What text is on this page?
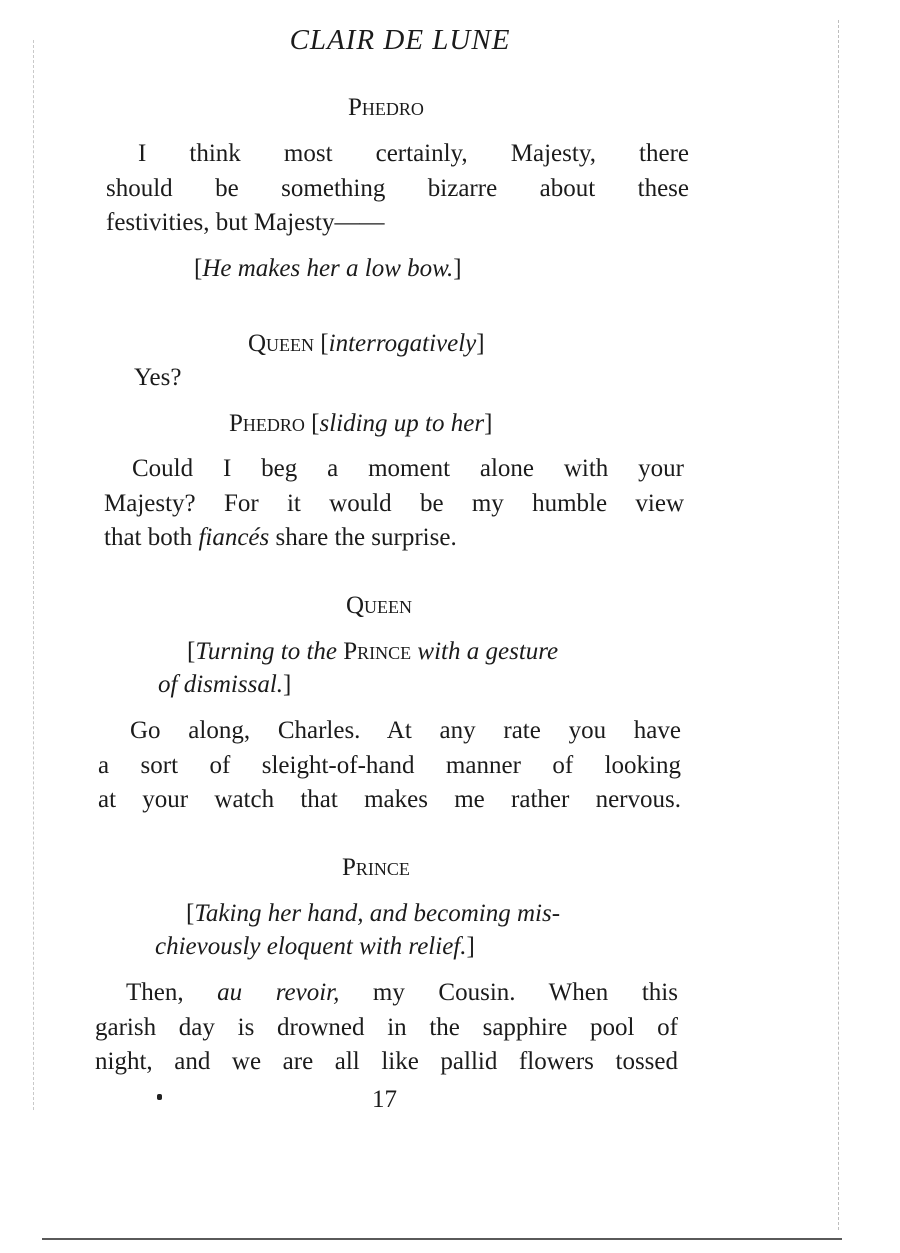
CLAIR DE LUNE
Phedro
I think most certainly, Majesty, there
should be something bizarre about these
festivities, but Majesty——
[He makes her a low bow.]
Queen [interrogatively]
Yes?
Phedro [sliding up to her]
Could I beg a moment alone with your
Majesty? For it would be my humble view
that both fiancés share the surprise.
Queen
[Turning to the Prince with a gesture
of dismissal.]
Go along, Charles. At any rate you have
a sort of sleight-of-hand manner of looking
at your watch that makes me rather nervous.
Prince
[Taking her hand, and becoming mis-
chievously eloquent with relief.]
Then, au revoir, my Cousin. When this
garish day is drowned in the sapphire pool of
night, and we are all like pallid flowers tossed
17
